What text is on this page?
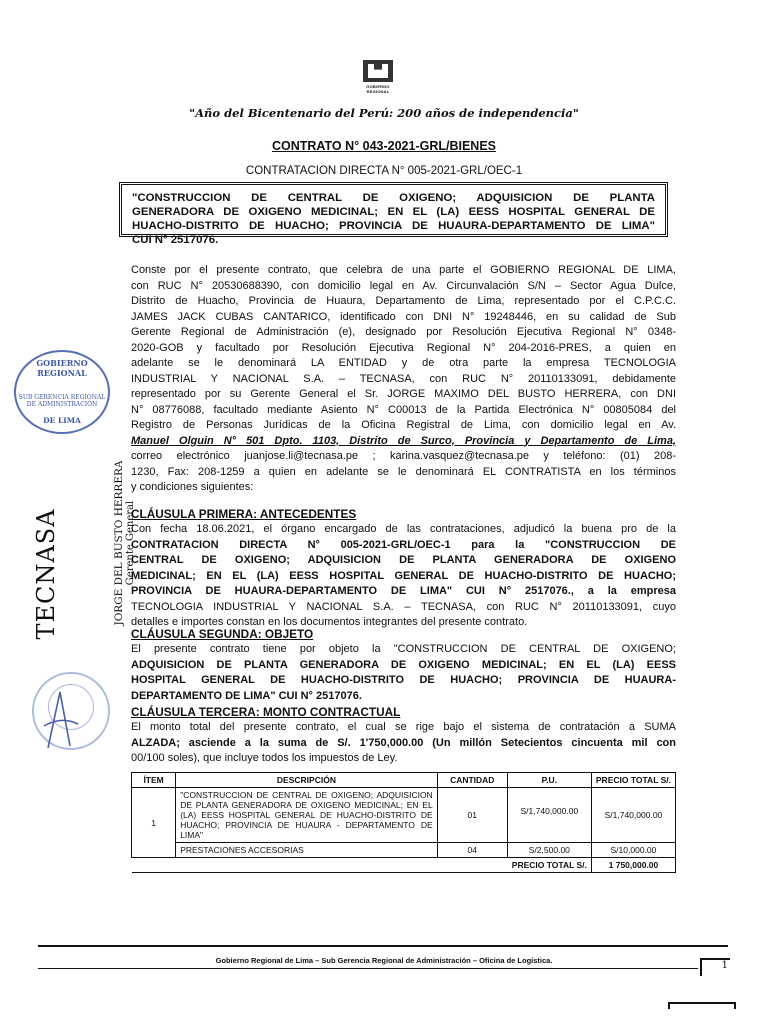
GOBIERNO REGIONAL
"Año del Bicentenario del Perú: 200 años de independencia"
CONTRATO N° 043-2021-GRL/BIENES
CONTRATACION DIRECTA N° 005-2021-GRL/OEC-1
"CONSTRUCCION DE CENTRAL DE OXIGENO; ADQUISICION DE PLANTA
GENERADORA DE OXIGENO MEDICINAL; EN EL (LA) EESS HOSPITAL GENERAL DE
HUACHO-DISTRITO DE HUACHO; PROVINCIA DE HUAURA-DEPARTAMENTO DE LIMA"
CUI N° 2517076.
Conste por el presente contrato, que celebra de una parte el GOBIERNO REGIONAL DE LIMA,
con RUC N° 20530688390, con domicilio legal en Av. Circunvalación S/N – Sector Agua Dulce,
Distrito de Huacho, Provincia de Huaura, Departamento de Lima, representado por el C.P.C.C.
JAMES JACK CUBAS CANTARICO, identificado con DNI N° 19248446, en su calidad de Sub
Gerente Regional de Administración (e), designado por Resolución Ejecutiva Regional N° 0348-
2020-GOB y facultado por Resolución Ejecutiva Regional N° 204-2016-PRES, a quien en
adelante se le denominará LA ENTIDAD y de otra parte la empresa TECNOLOGIA
INDUSTRIAL Y NACIONAL S.A. – TECNASA, con RUC N° 20110133091, debidamente
representado por su Gerente General el Sr. JORGE MAXIMO DEL BUSTO HERRERA, con DNI
N° 08776088, facultado mediante Asiento N° C00013 de la Partida Electrónica N° 00805084 del
Registro de Personas Jurídicas de la Oficina Registral de Lima, con domicilio legal en Av.
Manuel Olguin N° 501 Dpto. 1103, Distrito de Surco, Provincia y Departamento de Lima,
correo electrónico juanjose.li@tecnasa.pe ; karina.vasquez@tecnasa.pe y teléfono: (01) 208-
1230, Fax: 208-1259 a quien en adelante se le denominará EL CONTRATISTA en los términos
y condiciones siguientes:
CLÁUSULA PRIMERA: ANTECEDENTES
Con fecha 18.06.2021, el órgano encargado de las contrataciones, adjudicó la buena pro de la
CONTRATACION DIRECTA N° 005-2021-GRL/OEC-1 para la "CONSTRUCCION DE
CENTRAL DE OXIGENO; ADQUISICION DE PLANTA GENERADORA DE OXIGENO
MEDICINAL; EN EL (LA) EESS HOSPITAL GENERAL DE HUACHO-DISTRITO DE HUACHO;
PROVINCIA DE HUAURA-DEPARTAMENTO DE LIMA" CUI N° 2517076., a la empresa
TECNOLOGIA INDUSTRIAL Y NACIONAL S.A. – TECNASA, con RUC N° 20110133091, cuyo
detalles e importes constan en los documentos integrantes del presente contrato.
CLÁUSULA SEGUNDA: OBJETO
El presente contrato tiene por objeto la "CONSTRUCCION DE CENTRAL DE OXIGENO;
ADQUISICION DE PLANTA GENERADORA DE OXIGENO MEDICINAL; EN EL (LA) EESS
HOSPITAL GENERAL DE HUACHO-DISTRITO DE HUACHO; PROVINCIA DE HUAURA-
DEPARTAMENTO DE LIMA" CUI N° 2517076.
CLÁUSULA TERCERA: MONTO CONTRACTUAL
El monto total del presente contrato, el cual se rige bajo el sistema de contratación a SUMA
ALZADA; asciende a la suma de S/. 1'750,000.00 (Un millón Setecientos cincuenta mil con
00/100 soles), que incluye todos los impuestos de Ley.
ÍTEM	DESCRIPCIÓN	CANTIDAD	P.U.	PRECIO TOTAL S/.
1	"CONSTRUCCION DE CENTRAL DE OXIGENO; ADQUISICION DE PLANTA GENERADORA DE OXIGENO MEDICINAL; EN EL (LA) EESS HOSPITAL GENERAL DE HUACHO-DISTRITO DE HUACHO; PROVINCIA DE HUAURA - DEPARTAMENTO DE LIMA"	01	S/1,740,000.00	S/1,740,000.00
	PRESTACIONES ACCESORIAS	04	S/2,500.00	S/10,000.00
PRECIO TOTAL S/.				1 750,000.00
Gobierno Regional de Lima – Sub Gerencia Regional de Administración – Oficina de Logística.	1
GOBIERNO REGIONAL
SUB GERENCIA REGIONAL DE ADMINISTRACION
DE LIMA
TECNASA	JORGE DEL BUSTO HERRERA Gerente General
